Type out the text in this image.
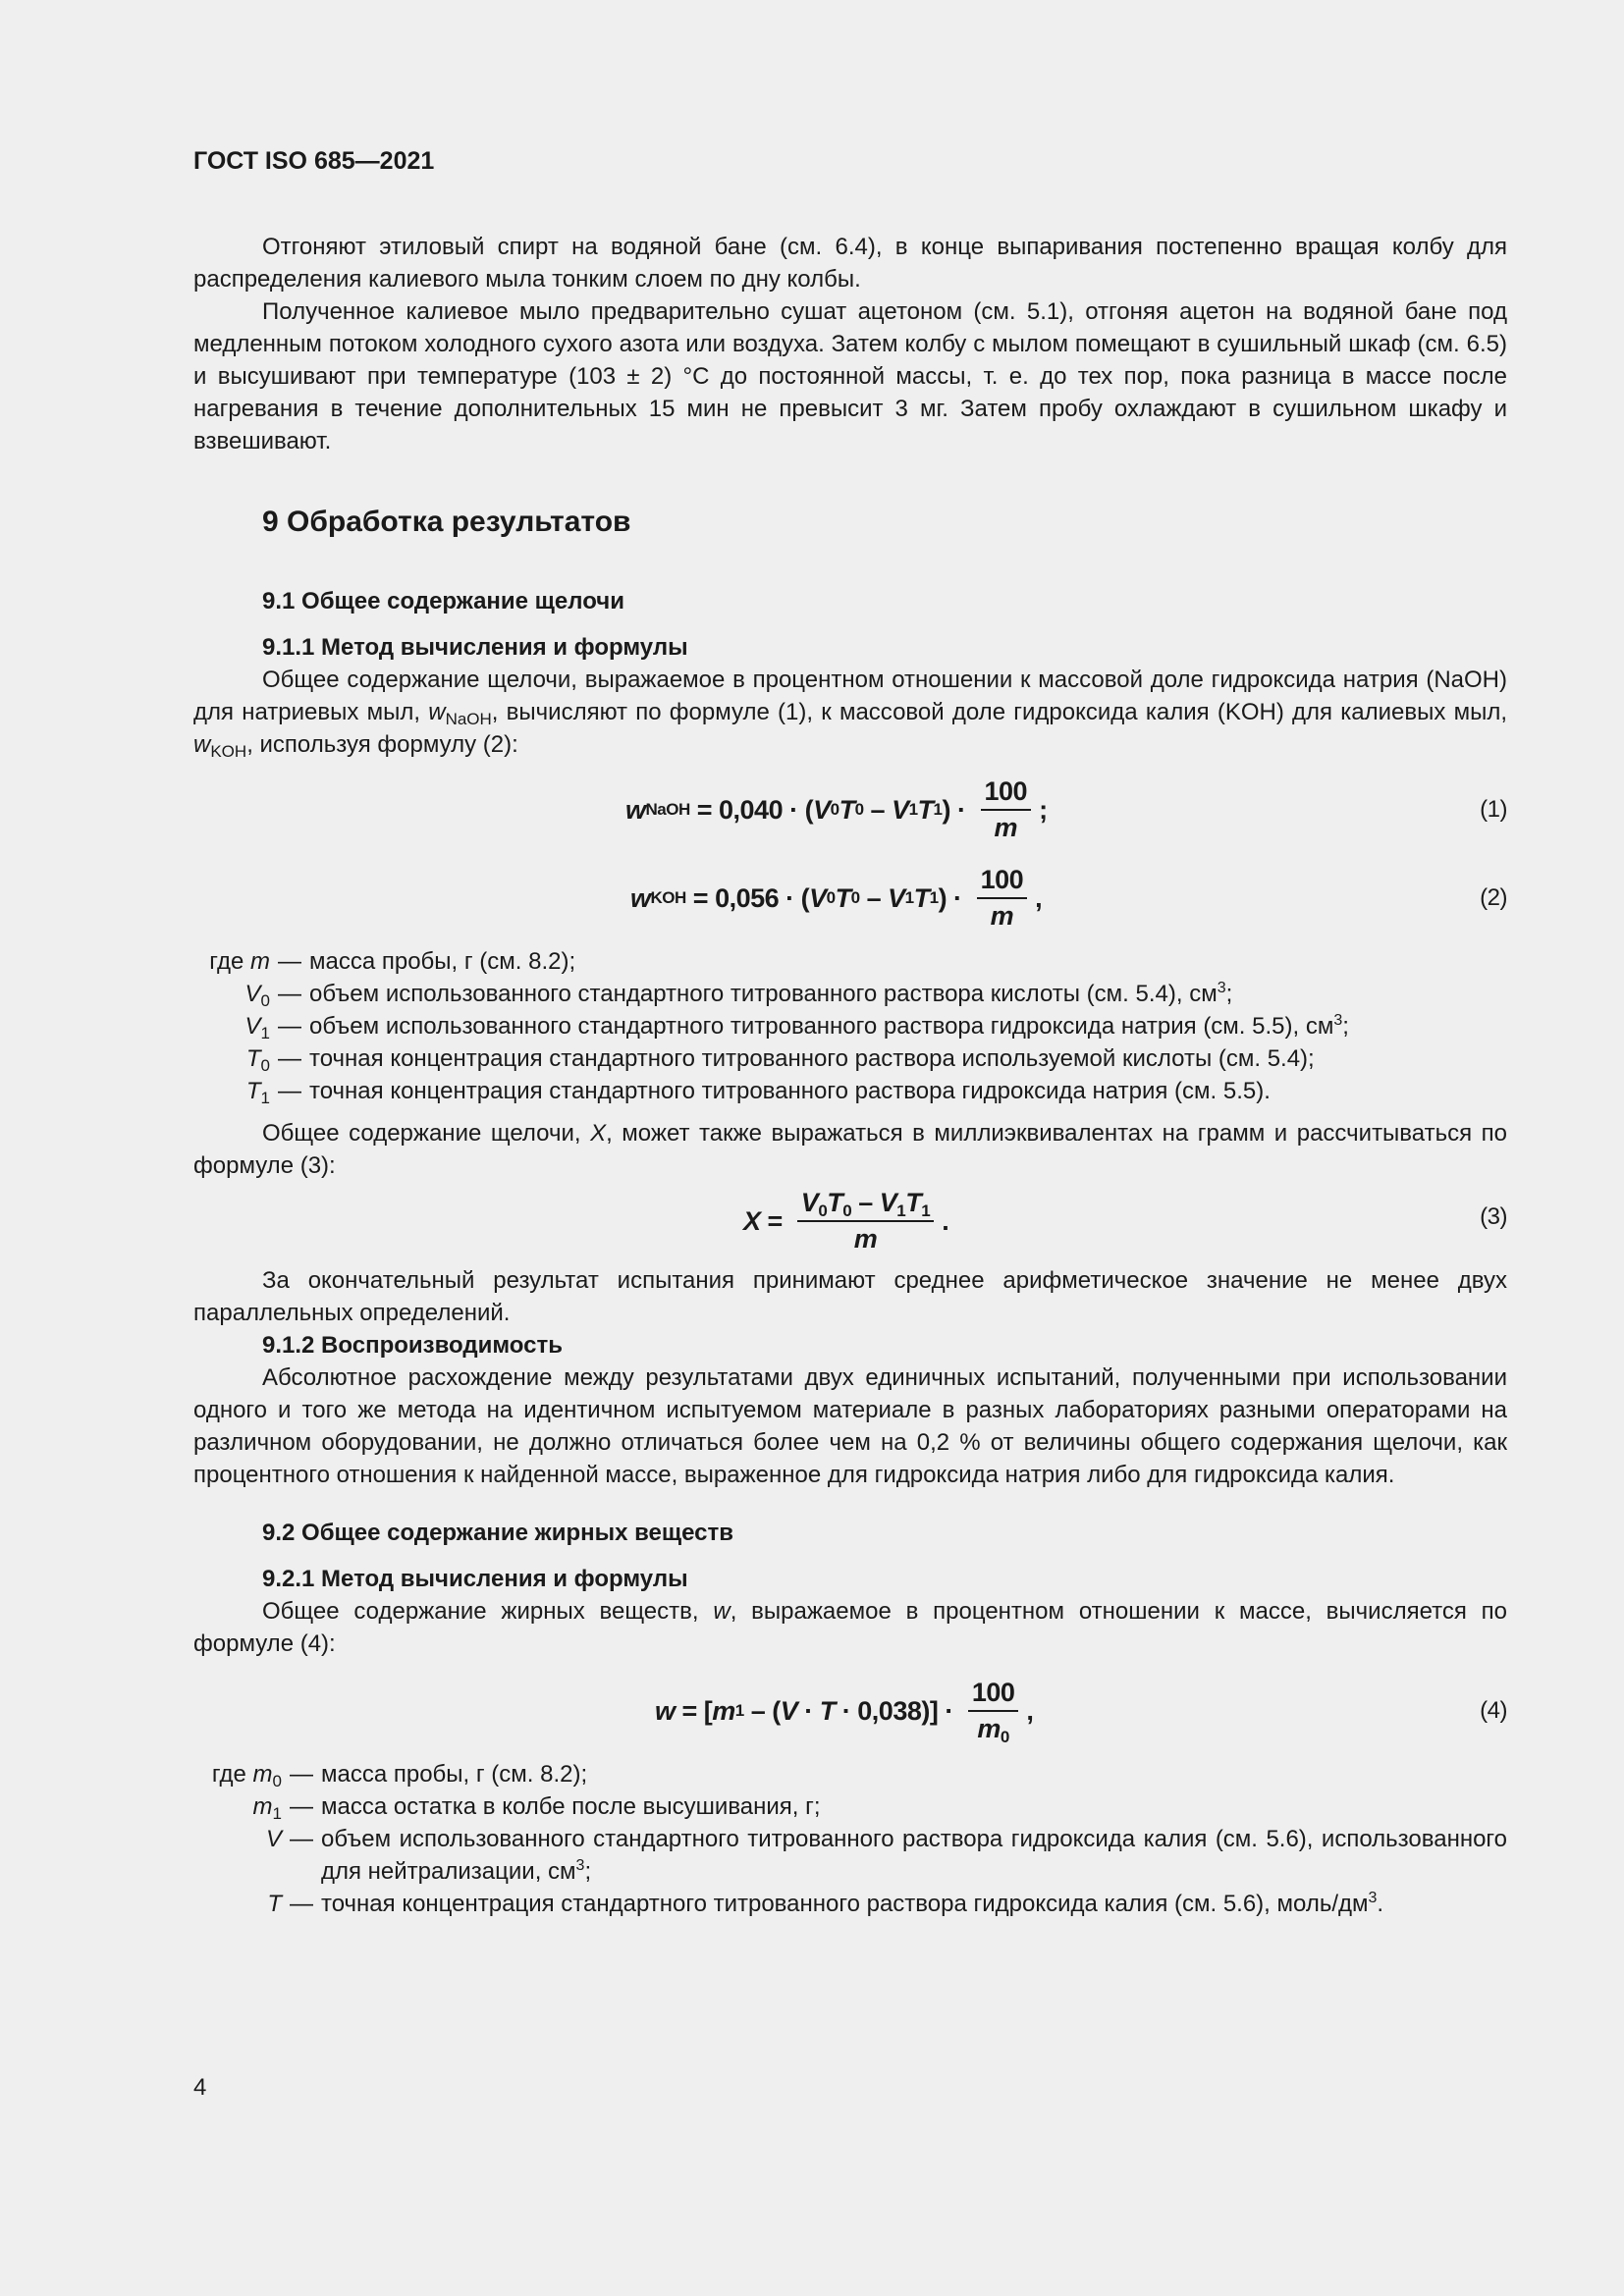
ГОСТ ISO 685—2021

Отгоняют этиловый спирт на водяной бане (см. 6.4), в конце выпаривания постепенно вращая колбу для распределения калиевого мыла тонким слоем по дну колбы.

Полученное калиевое мыло предварительно сушат ацетоном (см. 5.1), отгоняя ацетон на водяной бане под медленным потоком холодного сухого азота или воздуха. Затем колбу с мылом помещают в сушильный шкаф (см. 6.5) и высушивают при температуре (103 ± 2) °С до постоянной массы, т. е. до тех пор, пока разница в массе после нагревания в течение дополнительных 15 мин не превысит 3 мг. Затем пробу охлаждают в сушильном шкафу и взвешивают.

9 Обработка результатов
9.1 Общее содержание щелочи
9.1.1 Метод вычисления и формулы

Общее содержание щелочи, выражаемое в процентном отношении к массовой доле гидроксида натрия (NaOH) для натриевых мыл, $w_{NaOH}$, вычисляют по формуле (1), к массовой доле гидроксида калия (KOH) для калиевых мыл, $w_{KOH}$, используя формулу (2):

w NaOH = 0,040 · ( V 0 T 0 – V 1 T 1 ) · $\frac{100}{m}$ ;	(1)
w KOH = 0,056 · ( V 0 T 0 – V 1 T 1 ) · $\frac{100}{m}$ ,	(2)
где m — масса пробы, г (см. 8.2);
$V_0$ — объем использованного стандартного титрованного раствора кислоты (см. 5.4), $см^3$;
$V_1$ — объем использованного стандартного титрованного раствора гидроксида натрия (см. 5.5), $см^3$;
$T_0$ — точная концентрация стандартного титрованного раствора используемой кислоты (см. 5.4);
$T_1$ — точная концентрация стандартного титрованного раствора гидроксида натрия (см. 5.5).

Общее содержание щелочи, X, может также выражаться в миллиэквивалентах на грамм и рассчитываться по формуле (3):

$X = \frac{V_0T_0 - V_1T_1}{m}$ .	(3)

За окончательный результат испытания принимают среднее арифметическое значение не менее двух параллельных определений.

9.1.2 Воспроизводимость

Абсолютное расхождение между результатами двух единичных испытаний, полученными при использовании одного и того же метода на идентичном испытуемом материале в разных лабораториях разными операторами на различном оборудовании, не должно отличаться более чем на 0,2 % от величины общего содержания щелочи, как процентного отношения к найденной массе, выраженное для гидроксида натрия либо для гидроксида калия.

9.2 Общее содержание жирных веществ
9.2.1 Метод вычисления и формулы

Общее содержание жирных веществ, w, выражаемое в процентном отношении к массе, вычисляется по формуле (4):

w = [ m 1 – ( $V \cdot T \cdot 0,038)] \cdot \frac{100}{m_0}$ ,	(4)
где $m_0$ — масса пробы, г (см. 8.2);
$m_1$ — масса остатка в колбе после высушивания, г;
V — объем использованного стандартного титрованного раствора гидроксида калия (см. 5.6), использованного для нейтрализации, $см^3$;
T — точная концентрация стандартного титрованного раствора гидроксида калия (см. 5.6), моль/$дм^3$.
4
